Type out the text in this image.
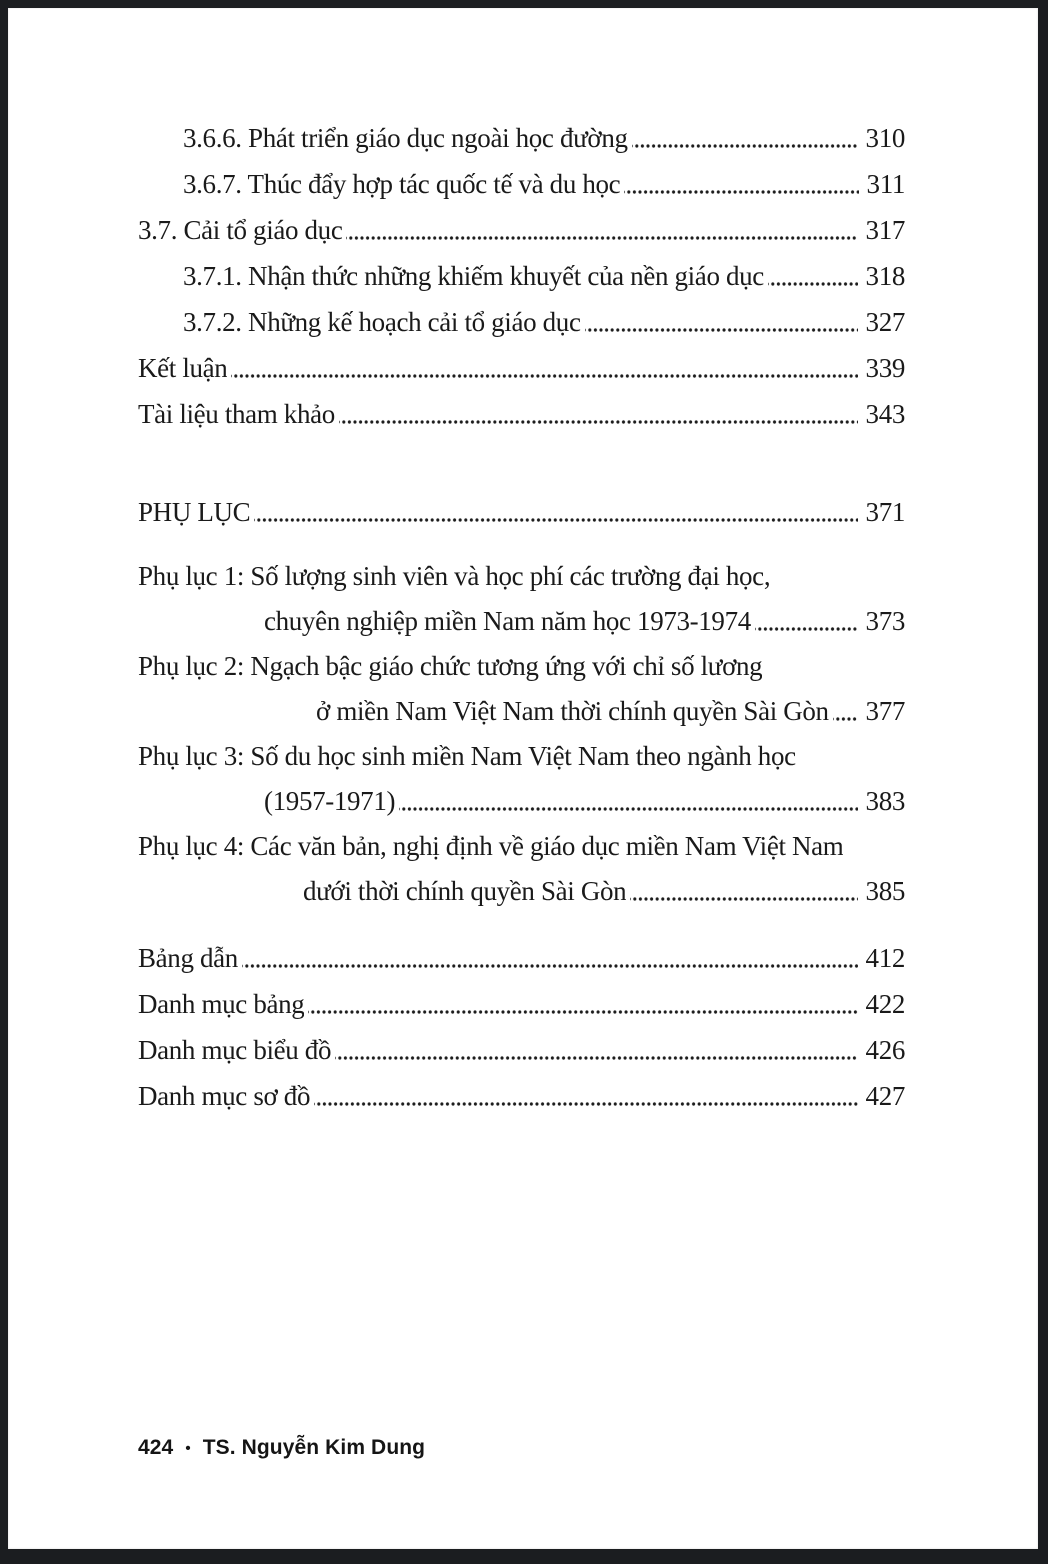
3.6.6. Phát triển giáo dục ngoài học đường	310
3.6.7. Thúc đẩy hợp tác quốc tế và du học	311
3.7. Cải tổ giáo dục	317
3.7.1. Nhận thức những khiếm khuyết của nền giáo dục	318
3.7.2. Những kế hoạch cải tổ giáo dục	327
Kết luận	339
Tài liệu tham khảo	343
PHỤ LỤC	371
Phụ lục 1: Số lượng sinh viên và học phí các trường đại học,
chuyên nghiệp miền Nam năm học 1973-1974	373
Phụ lục 2: Ngạch bậc giáo chức tương ứng với chỉ số lương
ở miền Nam Việt Nam thời chính quyền Sài Gòn 377
Phụ lục 3: Số du học sinh miền Nam Việt Nam theo ngành học
(1957-1971)	383
Phụ lục 4: Các văn bản, nghị định về giáo dục miền Nam Việt Nam
dưới thời chính quyền Sài Gòn	385
Bảng dẫn	412
Danh mục bảng	422
Danh mục biểu đồ	426
Danh mục sơ đồ	427
424 • TS. Nguyễn Kim Dung
